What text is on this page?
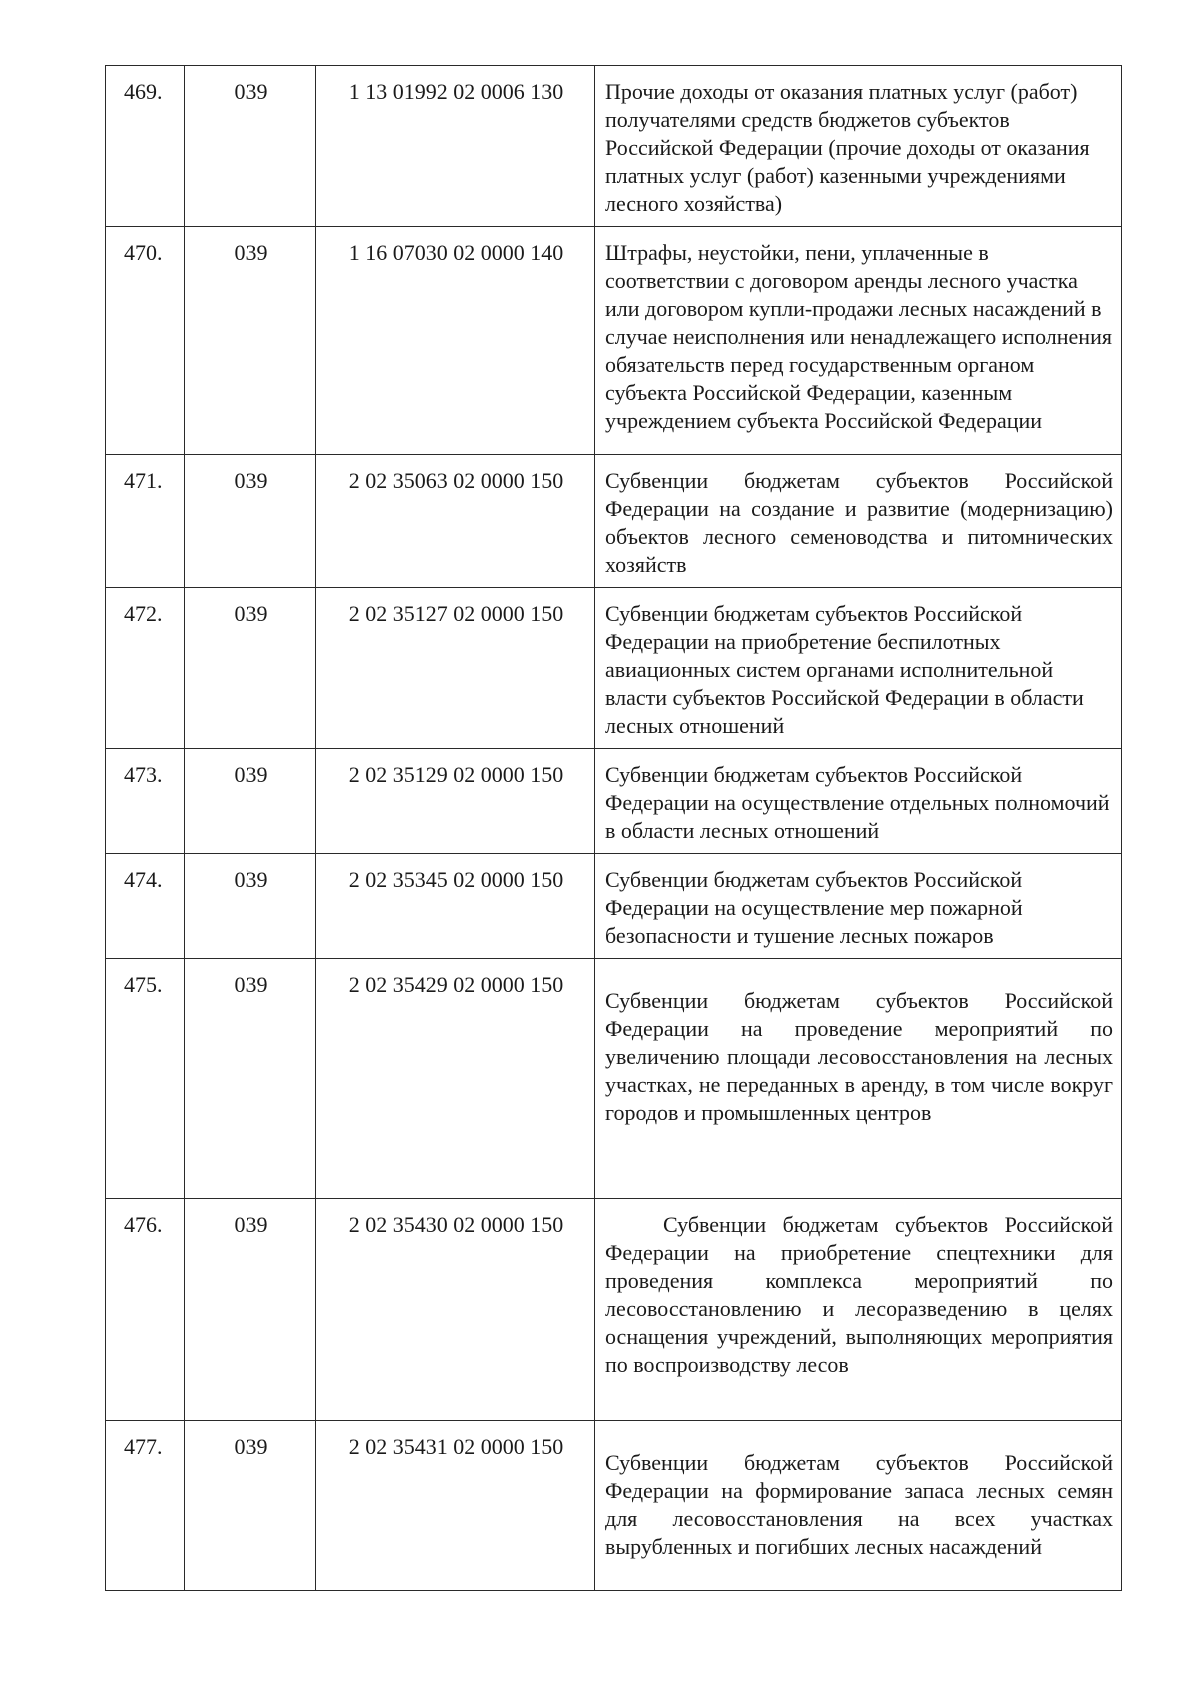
469.	039	1 13 01992 02 0006 130	Прочие доходы от оказания платных услуг (работ) получателями средств бюджетов субъектов Российской Федерации (прочие доходы от оказания платных услуг (работ) казенными учреждениями лесного хозяйства)
470.	039	1 16 07030 02 0000 140	Штрафы, неустойки, пени, уплаченные в соответствии с договором аренды лесного участка или договором купли-продажи лесных насаждений в случае неисполнения или ненадлежащего исполнения обязательств перед государственным органом субъекта Российской Федерации, казенным учреждением субъекта Российской Федерации
471.	039	2 02 35063 02 0000 150	Субвенции бюджетам субъектов Российской Федерации на создание и развитие (модернизацию) объектов лесного семеноводства и питомнических хозяйств
472.	039	2 02 35127 02 0000 150	Субвенции бюджетам субъектов Российской Федерации на приобретение беспилотных авиационных систем органами исполнительной власти субъектов Российской Федерации в области лесных отношений
473.	039	2 02 35129 02 0000 150	Субвенции бюджетам субъектов Российской Федерации на осуществление отдельных полномочий в области лесных отношений
474.	039	2 02 35345 02 0000 150	Субвенции бюджетам субъектов Российской Федерации на осуществление мер пожарной безопасности и тушение лесных пожаров
475.	039	2 02 35429 02 0000 150	Субвенции бюджетам субъектов Российской Федерации на проведение мероприятий по увеличению площади лесовосстановления на лесных участках, не переданных в аренду, в том числе вокруг городов и промышленных центров
476.	039	2 02 35430 02 0000 150	Субвенции бюджетам субъектов Российской Федерации на приобретение спецтехники для проведения комплекса мероприятий по лесовосстановлению и лесоразведению в целях оснащения учреждений, выполняющих мероприятия по воспроизводству лесов
477.	039	2 02 35431 02 0000 150	Субвенции бюджетам субъектов Российской Федерации на формирование запаса лесных семян для лесовосстановления на всех участках вырубленных и погибших лесных насаждений
